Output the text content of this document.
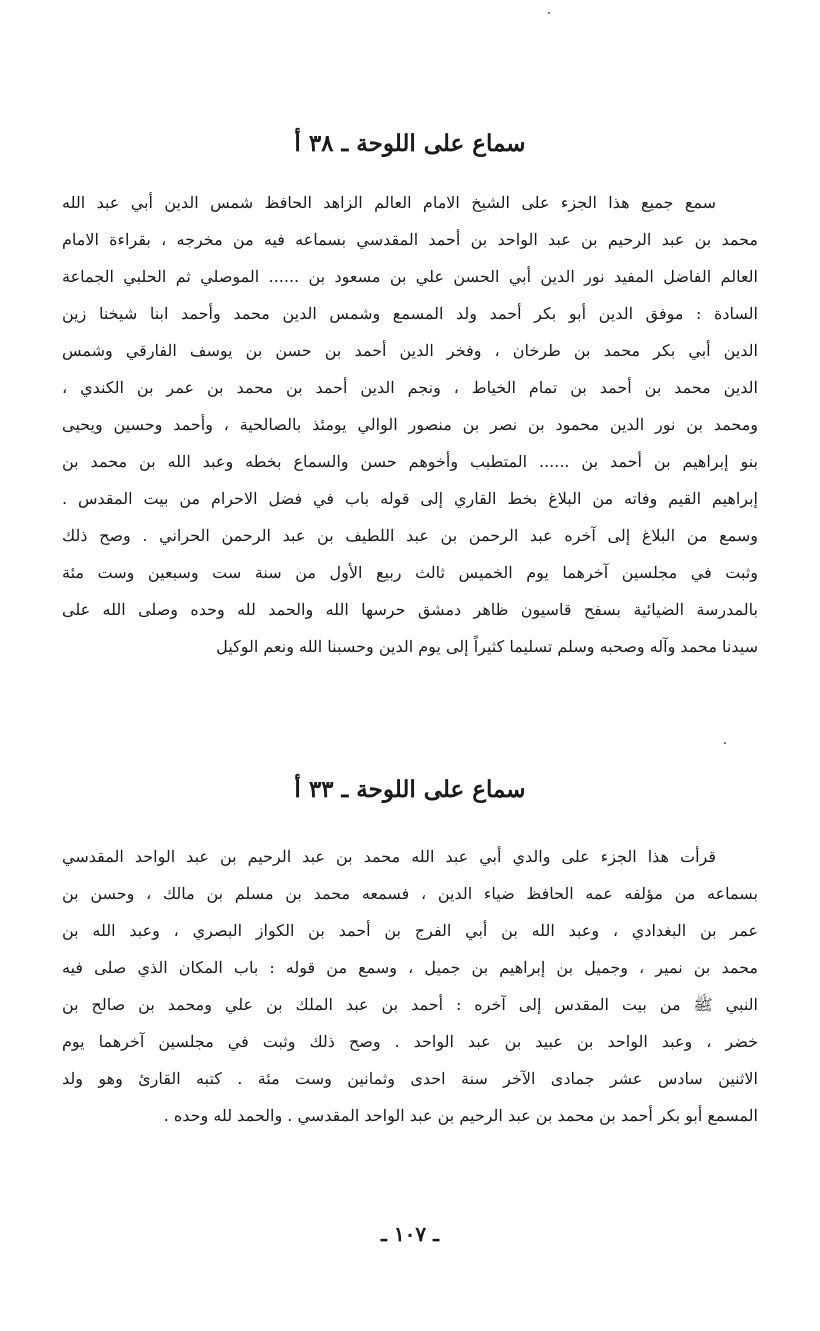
سماع على اللوحة ـ ٣٨ أ
سمع جميع هذا الجزء على الشيخ الامام العالم الزاهد الحافظ شمس الدين أبي عبد الله
محمد بن عبد الرحيم بن عبد الواحد بن أحمد المقدسي بسماعه فيه من مخرجه ، بقراءة الامام
العالم الفاضل المفيد نور الدين أبي الحسن علي بن مسعود بن ...... الموصلي ثم الحلبي الجماعة
السادة : موفق الدين أبو بكر أحمد ولد المسمع وشمس الدين محمد وأحمد ابنا شيخنا زين
الدين أبي بكر محمد بن طرخان ، وفخر الدين أحمد بن حسن بن يوسف الفارقي وشمس
الدين محمد بن أحمد بن تمام الخياط ، ونجم الدين أحمد بن محمد بن عمر بن الكندي ،
ومحمد بن نور الدين محمود بن نصر بن منصور الوالي يومئذ بالصالحية ، وأحمد وحسين ويحيى
بنو إبراهيم بن أحمد بن ...... المتطبب وأخوهم حسن والسماع بخطه وعبد الله بن محمد بن
إبراهيم القيم وفاته من البلاغ بخط القاري إلى قوله باب في فضل الاحرام من بيت المقدس .
وسمع من البلاغ إلى آخره عبد الرحمن بن عبد اللطيف بن عبد الرحمن الحراني . وصح ذلك
وثبت في مجلسين آخرهما يوم الخميس ثالث ربيع الأول من سنة ست وسبعين وست مئة
بالمدرسة الضيائية بسفح قاسيون ظاهر دمشق حرسها الله والحمد لله وحده وصلى الله على
سيدنا محمد وآله وصحبه وسلم تسليما كثيراً إلى يوم الدين وحسبنا الله ونعم الوكيل
سماع على اللوحة ـ ٣٣ أ
قرأت هذا الجزء على والدي أبي عبد الله محمد بن عبد الرحيم بن عبد الواحد المقدسي
بسماعه من مؤلفه عمه الحافظ ضياء الدين ، فسمعه محمد بن مسلم بن مالك ، وحسن بن
عمر بن البغدادي ، وعبد الله بن أبي الفرج بن أحمد بن الكواز البصري ، وعبد الله بن
محمد بن نمير ، وجميل بن إبراهيم بن جميل ، وسمع من قوله : باب المكان الذي صلى فيه
النبي ﷺ من بيت المقدس إلى آخره : أحمد بن عبد الملك بن علي ومحمد بن صالح بن
خضر ، وعبد الواحد بن عبيد بن عبد الواحد . وصح ذلك وثبت في مجلسين آخرهما يوم
الاثنين سادس عشر جمادى الآخر سنة احدى وثمانين وست مئة . كتبه القارئ وهو ولد
المسمع أبو بكر أحمد بن محمد بن عبد الرحيم بن عبد الواحد المقدسي . والحمد لله وحده .
ـ ١٠٧ ـ
